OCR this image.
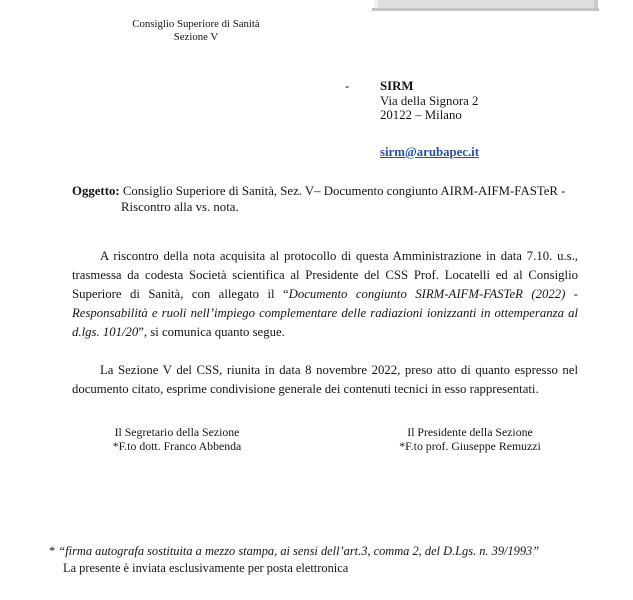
Consiglio Superiore di Sanità
Sezione V
-	SIRM
Via della Signora 2
20122 – Milano
sirm@arubapec.it
Oggetto: Consiglio Superiore di Sanità, Sez. V– Documento congiunto AIRM-AIFM-FASTeR -
Riscontro alla vs. nota.
A riscontro della nota acquisita al protocollo di questa Amministrazione in data 7.10. u.s., trasmessa da codesta Società scientifica al Presidente del CSS Prof. Locatelli ed al Consiglio Superiore di Sanità, con allegato il “Documento congiunto SIRM-AIFM-FASTeR (2022) - Responsabilità e ruoli nell’impiego complementare delle radiazioni ionizzanti in ottemperanza al d.lgs. 101/20”, si comunica quanto segue.
La Sezione V del CSS, riunita in data 8 novembre 2022, preso atto di quanto espresso nel documento citato, esprime condivisione generale dei contenuti tecnici in esso rappresentati.
Il Segretario della Sezione
*F.to dott. Franco Abbenda
Il Presidente della Sezione
*F.to prof. Giuseppe Remuzzi
* “firma autografa sostituita a mezzo stampa, ai sensi dell’art.3, comma 2, del D.Lgs. n. 39/1993”
La presente è inviata esclusivamente per posta elettronica
